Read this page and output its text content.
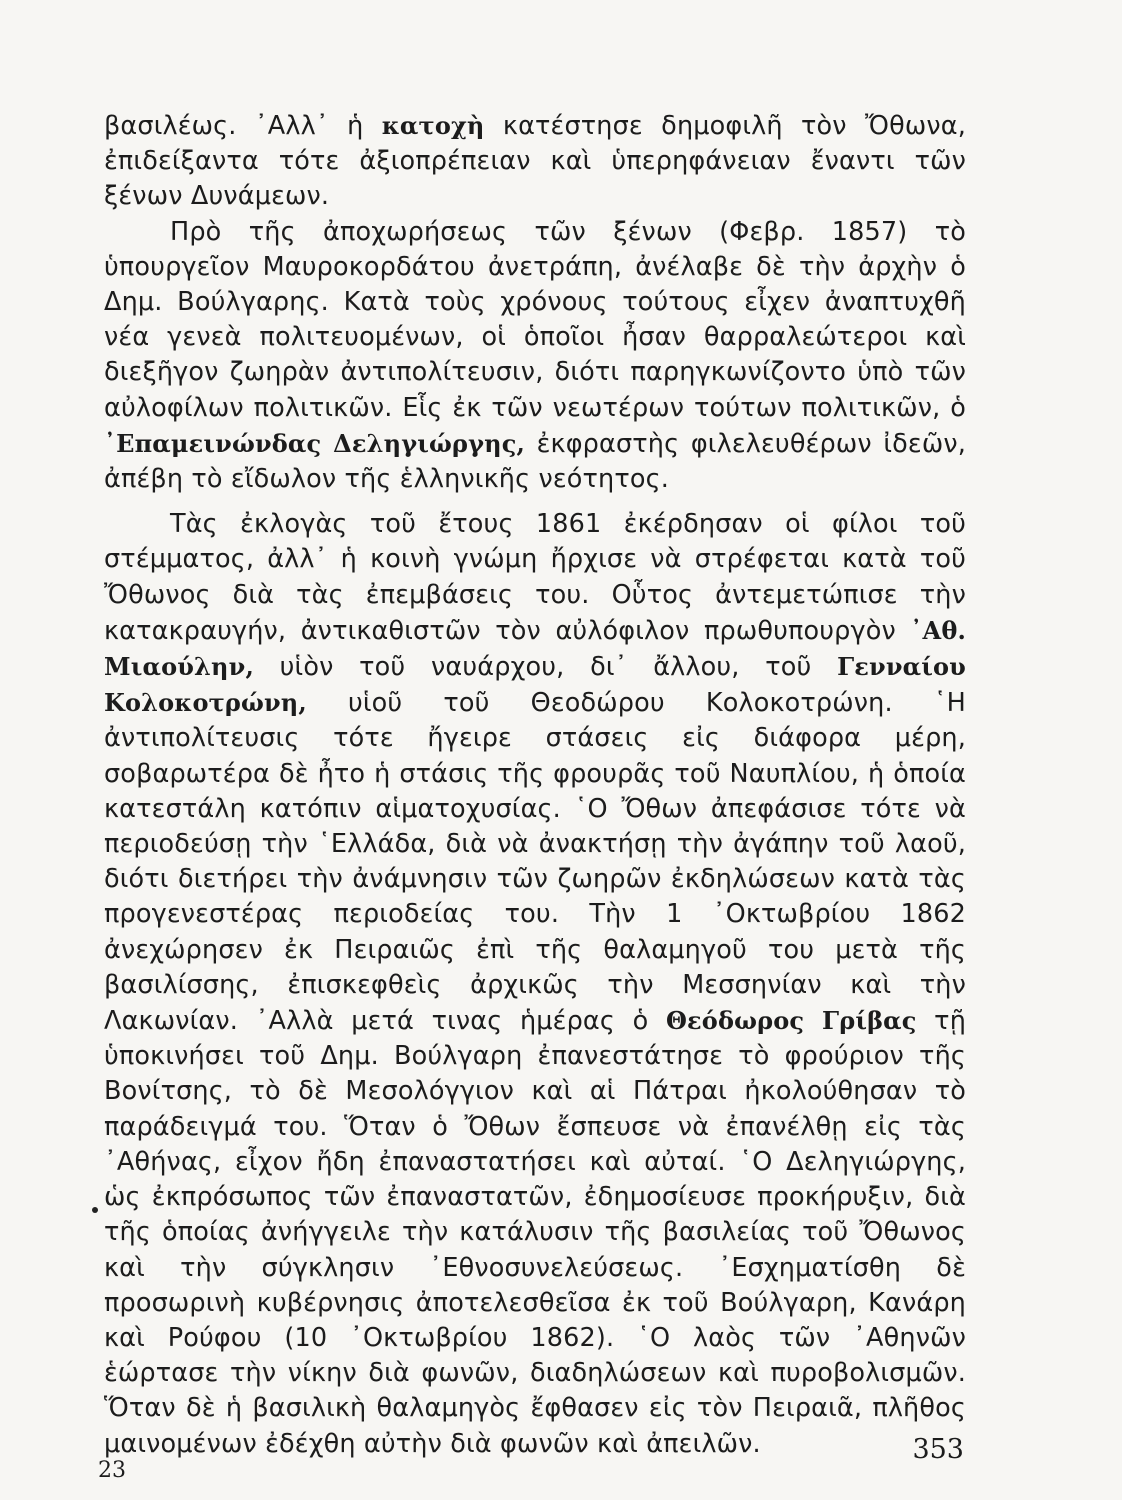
βασιλέως. ᾿Αλλ᾿ ἡ κατοχὴ κατέστησε δημοφιλῆ τὸν Ὄθωνα, ἐπιδείξαντα τότε ἀξιοπρέπειαν καὶ ὑπερηφάνειαν ἔναντι τῶν ξένων Δυνάμεων.

Πρὸ τῆς ἀποχωρήσεως τῶν ξένων (Φεβρ. 1857) τὸ ὑπουργεῖον Μαυροκορδάτου ἀνετράπη, ἀνέλαβε δὲ τὴν ἀρχὴν ὁ Δημ. Βούλγαρης. Κατὰ τοὺς χρόνους τούτους εἶχεν ἀναπτυχθῆ νέα γενεὰ πολιτευομένων, οἱ ὁποῖοι ἦσαν θαρραλεώτεροι καὶ διεξῆγον ζωηρὰν ἀντιπολίτευσιν, διότι παρηγκωνίζοντο ὑπὸ τῶν αὐλοφίλων πολιτικῶν. Εἷς ἐκ τῶν νεωτέρων τούτων πολιτικῶν, ὁ ᾿Επαμεινώνδας Δεληγιώργης, ἐκφραστὴς φιλελευθέρων ἰδεῶν, ἀπέβη τὸ εἴδωλον τῆς ἑλληνικῆς νεότητος.

Τὰς ἐκλογὰς τοῦ ἔτους 1861 ἐκέρδησαν οἱ φίλοι τοῦ στέμματος, ἀλλ᾿ ἡ κοινὴ γνώμη ἤρχισε νὰ στρέφεται κατὰ τοῦ Ὄθωνος διὰ τὰς ἐπεμβάσεις του. Οὗτος ἀντεμετώπισε τὴν κατακραυγήν, ἀντικαθιστῶν τὸν αὐλόφιλον πρωθυπουργὸν ᾿Αθ. Μιαούλην, υἱὸν τοῦ ναυάρχου, δι᾿ ἄλλου, τοῦ Γενναίου Κολοκοτρώνη, υἱοῦ τοῦ Θεοδώρου Κολοκοτρώνη. ῾Η ἀντιπολίτευσις τότε ἤγειρε στάσεις εἰς διάφορα μέρη, σοβαρωτέρα δὲ ἦτο ἡ στάσις τῆς φρουρᾶς τοῦ Ναυπλίου, ἡ ὁποία κατεστάλη κατόπιν αἱματοχυσίας. ῾Ο Ὄθων ἀπεφάσισε τότε νὰ περιοδεύσῃ τὴν ῾Ελλάδα, διὰ νὰ ἀνακτήσῃ τὴν ἀγάπην τοῦ λαοῦ, διότι διετήρει τὴν ἀνάμνησιν τῶν ζωηρῶν ἐκδηλώσεων κατὰ τὰς προγενεστέρας περιοδείας του. Τὴν 1 ᾿Οκτωβρίου 1862 ἀνεχώρησεν ἐκ Πειραιῶς ἐπὶ τῆς θαλαμηγοῦ του μετὰ τῆς βασιλίσσης, ἐπισκεφθεὶς ἀρχικῶς τὴν Μεσσηνίαν καὶ τὴν Λακωνίαν. ᾿Αλλὰ μετά τινας ἡμέρας ὁ Θεόδωρος Γρίβας τῇ ὑποκινήσει τοῦ Δημ. Βούλγαρη ἐπανεστάτησε τὸ φρούριον τῆς Βονίτσης, τὸ δὲ Μεσολόγγιον καὶ αἱ Πάτραι ἠκολούθησαν τὸ παράδειγμά του. Ὅταν ὁ Ὄθων ἔσπευσε νὰ ἐπανέλθῃ εἰς τὰς ᾿Αθήνας, εἶχον ἤδη ἐπαναστατήσει καὶ αὐταί. ῾Ο Δεληγιώργης, ὡς ἐκπρόσωπος τῶν ἐπαναστατῶν, ἐδημοσίευσε προκήρυξιν, διὰ τῆς ὁποίας ἀνήγγειλε τὴν κατάλυσιν τῆς βασιλείας τοῦ Ὄθωνος καὶ τὴν σύγκλησιν ᾿Εθνοσυνελεύσεως. ᾿Εσχηματίσθη δὲ προσωρινὴ κυβέρνησις ἀποτελεσθεῖσα ἐκ τοῦ Βούλγαρη, Κανάρη καὶ Ρούφου (10 ᾿Οκτωβρίου 1862). ῾Ο λαὸς τῶν ᾿Αθηνῶν ἑώρτασε τὴν νίκην διὰ φωνῶν, διαδηλώσεων καὶ πυροβολισμῶν. Ὅταν δὲ ἡ βασιλικὴ θαλαμηγὸς ἔφθασεν εἰς τὸν Πειραιᾶ, πλῆθος μαινομένων ἐδέχθη αὐτὴν διὰ φωνῶν καὶ ἀπειλῶν.	353
23
